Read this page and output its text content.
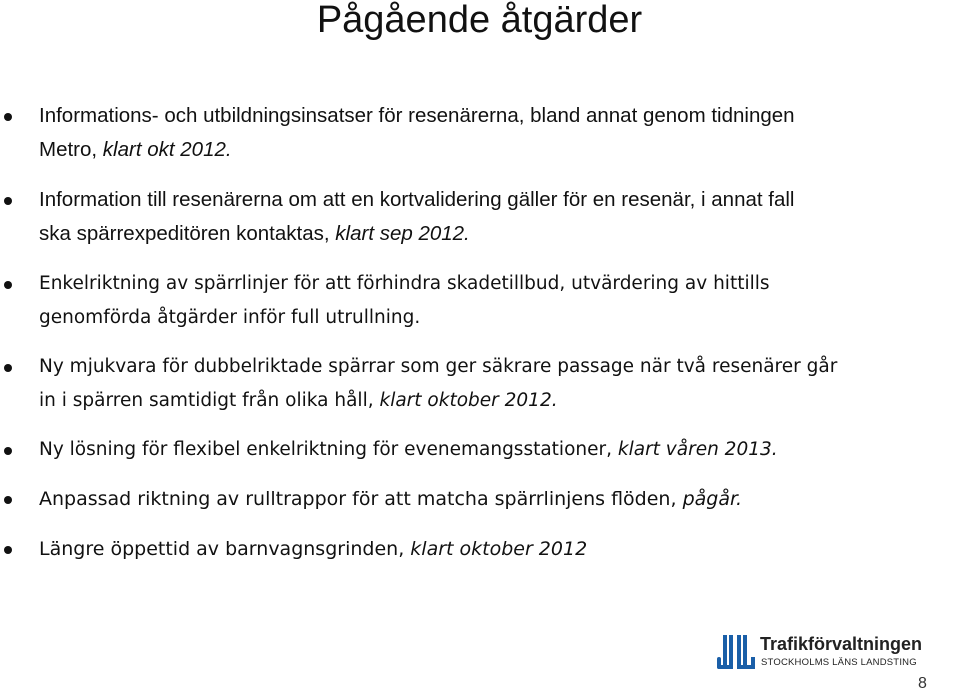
Pågående åtgärder

Informations- och utbildningsinsatser för resenärerna, bland annat genom tidningen
Metro, klart okt 2012.

Information till resenärerna om att en kortvalidering gäller för en resenär, i annat fall
ska spärrexpeditören kontaktas, klart sep 2012.

Enkelriktning av spärrlinjer för att förhindra skadetillbud, utvärdering av hittills
genomförda åtgärder inför full utrullning.

Ny mjukvara för dubbelriktade spärrar som ger säkrare passage när två resenärer går
in i spärren samtidigt från olika håll, klart oktober 2012.

Ny lösning för flexibel enkelriktning för evenemangsstationer, klart våren 2013.

Anpassad riktning av rulltrappor för att matcha spärrlinjens flöden, pågår.

Längre öppettid av barnvagnsgrinden, klart oktober 2012

Trafikförvaltningen
STOCKHOLMS LÄNS LANDSTING
8
